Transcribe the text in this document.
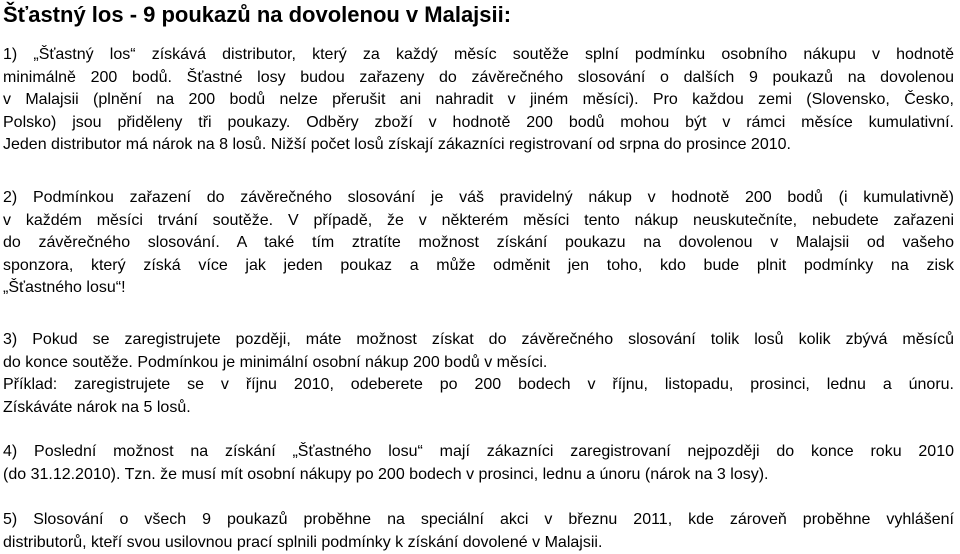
Šťastný los - 9 poukazů na dovolenou v Malajsii:
1) „Šťastný los“ získává distributor, který za každý měsíc soutěže splní podmínku osobního nákupu v hodnotě
minimálně 200 bodů. Šťastné losy budou zařazeny do závěrečného slosování o dalších 9 poukazů na dovolenou
v Malajsii (plnění na 200 bodů nelze přerušit ani nahradit v jiném měsíci). Pro každou zemi (Slovensko, Česko,
Polsko) jsou přiděleny tři poukazy. Odběry zboží v hodnotě 200 bodů mohou být v rámci měsíce kumulativní.
Jeden distributor má nárok na 8 losů. Nižší počet losů získají zákazníci registrovaní od srpna do prosince 2010.
2) Podmínkou zařazení do závěrečného slosování je váš pravidelný nákup v hodnotě 200 bodů (i kumulativně)
v každém měsíci trvání soutěže. V případě, že v některém měsíci tento nákup neuskutečníte, nebudete zařazeni
do závěrečného slosování. A také tím ztratíte možnost získání poukazu na dovolenou v Malajsii od vašeho
sponzora, který získá více jak jeden poukaz a může odměnit jen toho, kdo bude plnit podmínky na zisk
„Šťastného losu“!
3) Pokud se zaregistrujete později, máte možnost získat do závěrečného slosování tolik losů kolik zbývá měsíců
do konce soutěže. Podmínkou je minimální osobní nákup 200 bodů v měsíci.
Příklad: zaregistrujete se v říjnu 2010, odeberete po 200 bodech v říjnu, listopadu, prosinci, lednu a únoru.
Získáváte nárok na 5 losů.
4) Poslední možnost na získání „Šťastného losu“ mají zákazníci zaregistrovaní nejpozději do konce roku 2010
(do 31.12.2010). Tzn. že musí mít osobní nákupy po 200 bodech v prosinci, lednu a únoru (nárok na 3 losy).
5) Slosování o všech 9 poukazů proběhne na speciální akci v březnu 2011, kde zároveň proběhne vyhlášení
distributorů, kteří svou usilovnou prací splnili podmínky k získání dovolené v Malajsii.
